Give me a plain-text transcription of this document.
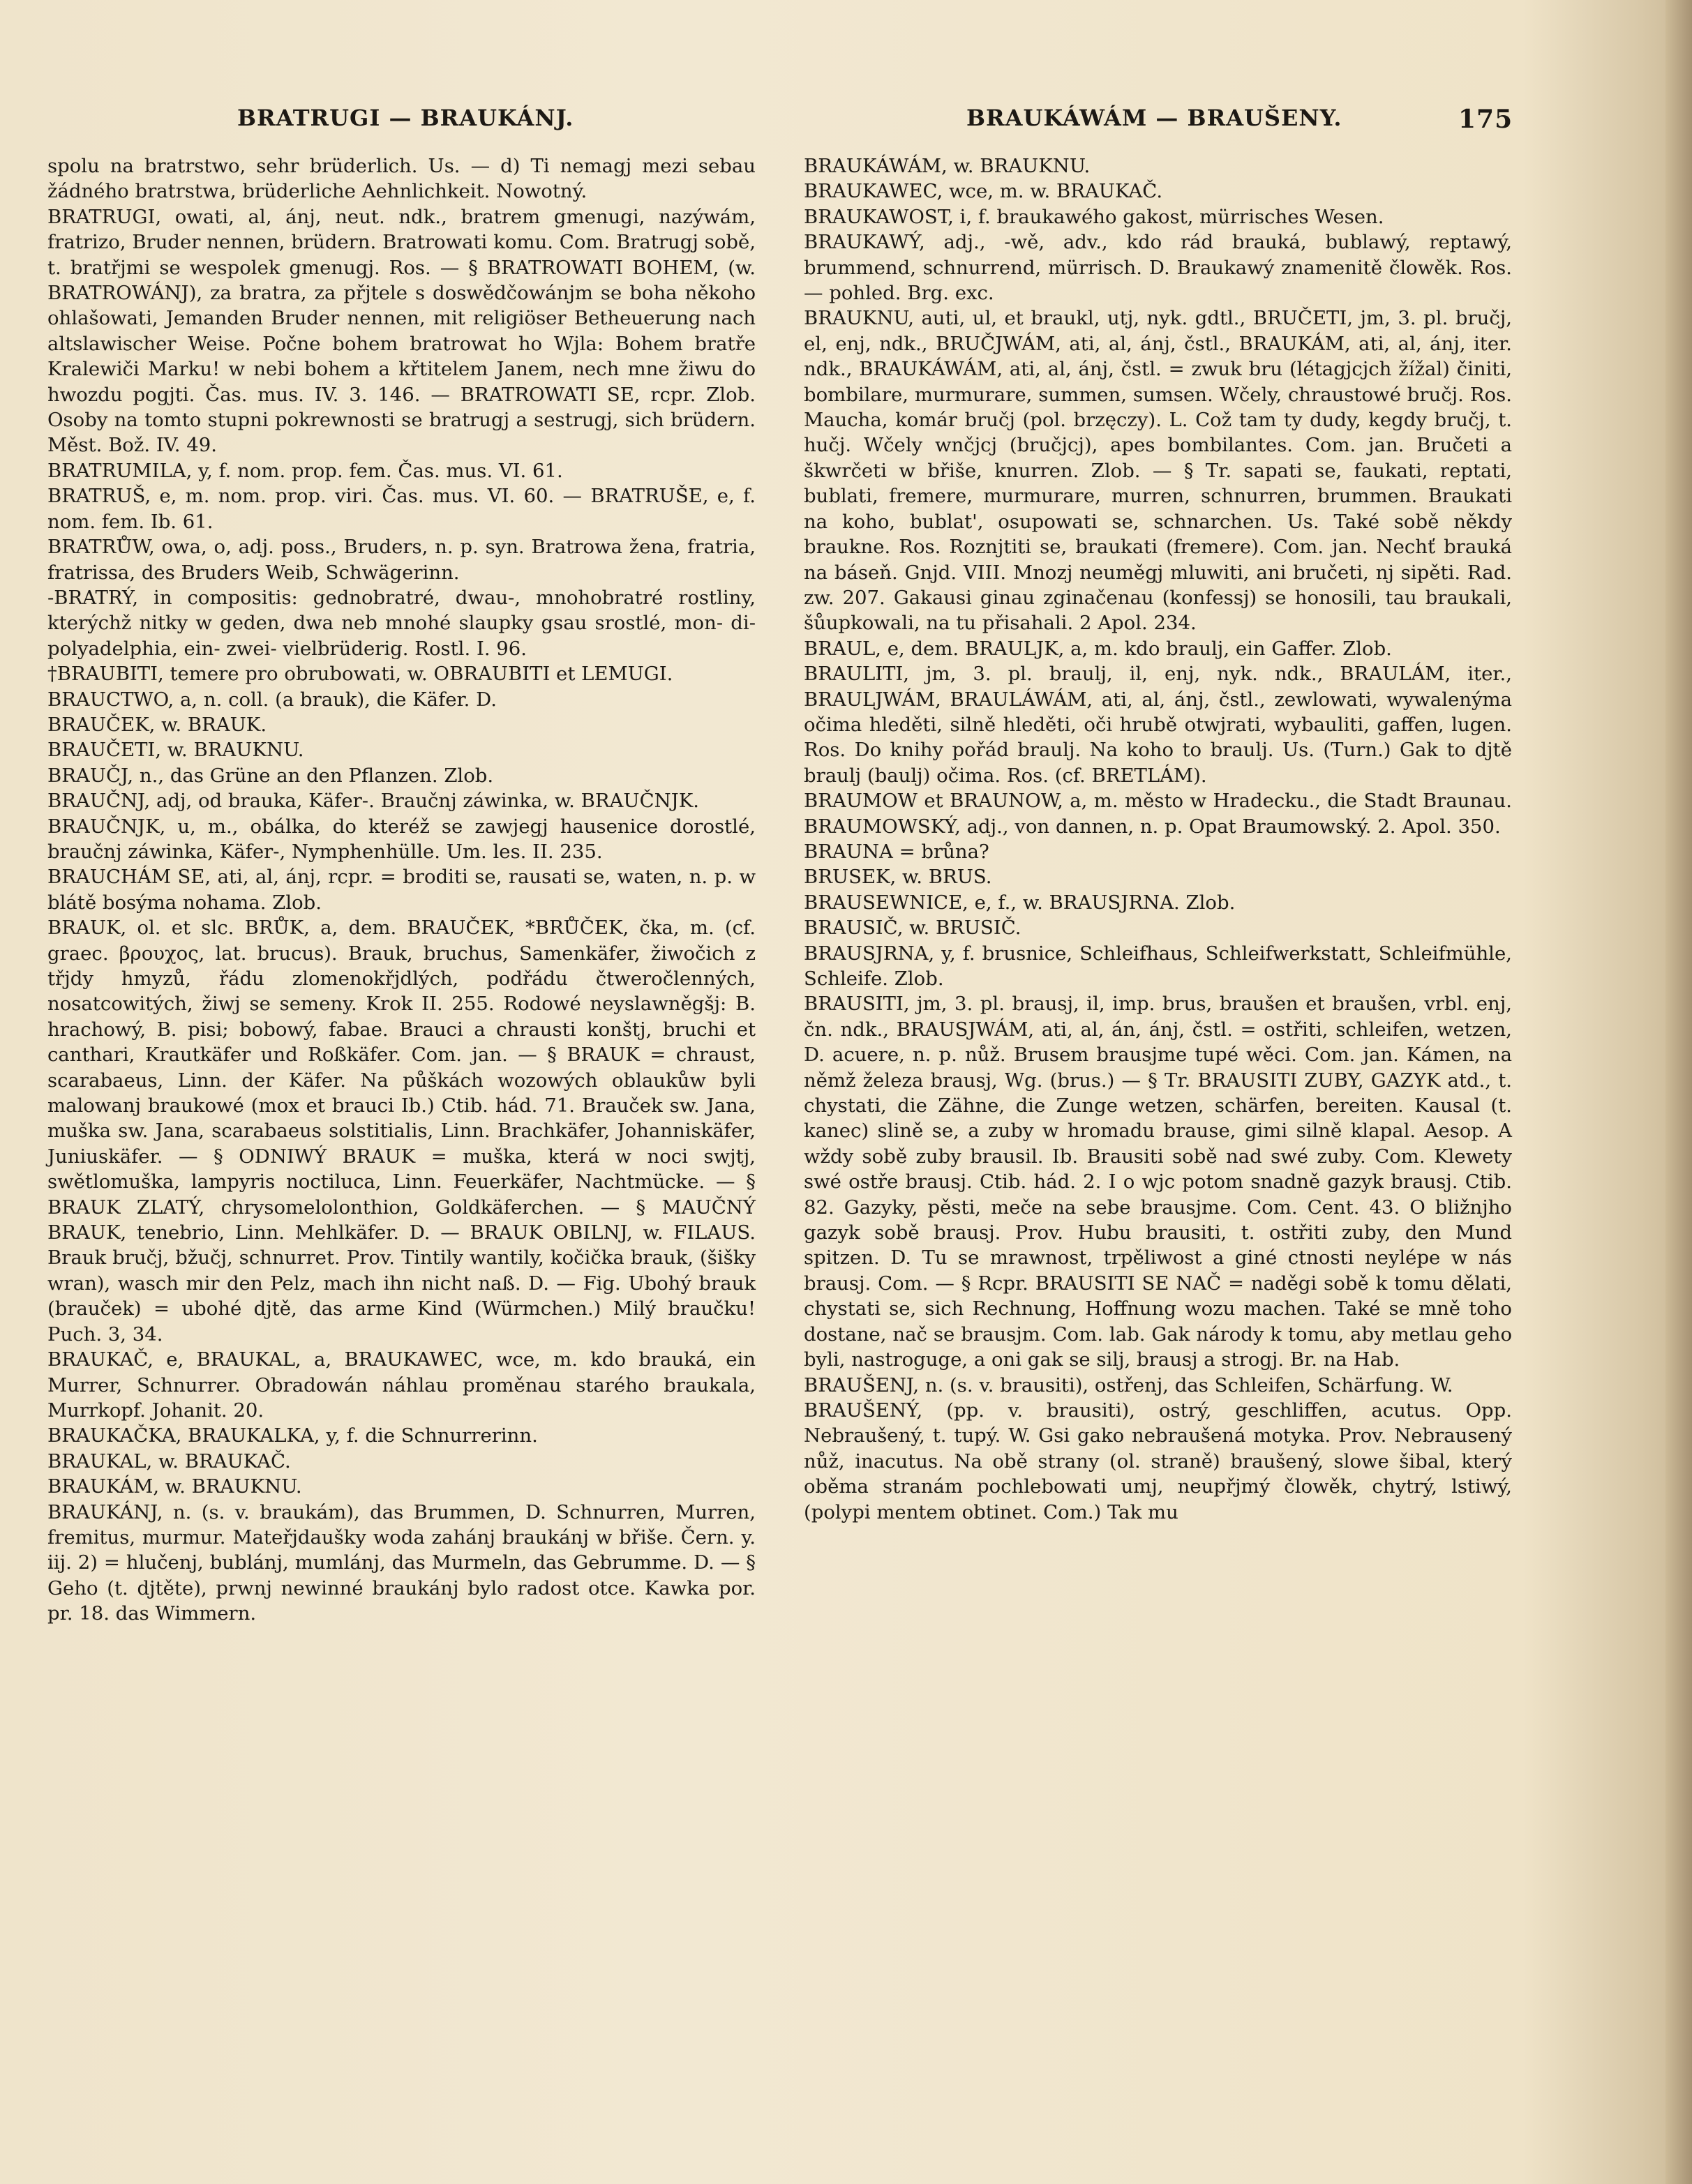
BRATRUGI — BRAUKÁNJ.	BRAUKÁWÁM — BRAUŠENY.	175

spolu na bratrstwo, sehr brüderlich. Us. — d) Ti nemagj mezi sebau žádného bratrstwa, brüderliche Aehnlichkeit. Nowotný.

BRATRUGI, owati, al, ánj, neut. ndk., bratrem gmenugi, nazýwám, fratrizo, Bruder nennen, brüdern. Bratrowati komu. Com. Bratrugj sobě, t. bratřjmi se wespolek gmenugj. Ros. — § BRATROWATI BOHEM, (w. BRATROWÁNJ), za bratra, za přjtele s doswědčowánjm se boha někoho ohlašowati, Jemanden Bruder nennen, mit religiöser Betheuerung nach altslawischer Weise. Počne bohem bratrowat ho Wjla: Bohem bratře Kralewiči Marku! w nebi bohem a křtitelem Janem, nech mne žiwu do hwozdu pogjti. Čas. mus. IV. 3. 146. — BRATROWATI SE, rcpr. Zlob. Osoby na tomto stupni pokrewnosti se bratrugj a sestrugj, sich brüdern. Měst. Bož. IV. 49.

BRATRUMILA, y, f. nom. prop. fem. Čas. mus. VI. 61.

BRATRUŠ, e, m. nom. prop. viri. Čas. mus. VI. 60. — BRATRUŠE, e, f. nom. fem. Ib. 61.

BRATRŮW, owa, o, adj. poss., Bruders, n. p. syn. Bratrowa žena, fratria, fratrissa, des Bruders Weib, Schwägerinn.

-BRATRÝ, in compositis: gednobratré, dwau-, mnohobratré rostliny, kterýchž nitky w geden, dwa neb mnohé slaupky gsau srostlé, mon- di- polyadelphia, ein- zwei- vielbrüderig. Rostl. I. 96.

†BRAUBITI, temere pro obrubowati, w. OBRAUBITI et LEMUGI.

BRAUCTWO, a, n. coll. (a brauk), die Käfer. D.

BRAUČEK, w. BRAUK.

BRAUČETI, w. BRAUKNU.

BRAUČJ, n., das Grüne an den Pflanzen. Zlob.

BRAUČNJ, adj, od brauka, Käfer-. Braučnj záwinka, w. BRAUČNJK.

BRAUČNJK, u, m., obálka, do kteréž se zawjegj hausenice dorostlé, braučnj záwinka, Käfer-, Nymphenhülle. Um. les. II. 235.

BRAUCHÁM SE, ati, al, ánj, rcpr. = broditi se, rausati se, waten, n. p. w blátě bosýma nohama. Zlob.

BRAUK, ol. et slc. BRŮK, a, dem. BRAUČEK, *BRŮČEK, čka, m. (cf. graec. βρουχος, lat. brucus). Brauk, bruchus, Samenkäfer, žiwočich z třjdy hmyzů, řádu zlomenokřjdlých, podřádu čtweročlenných, nosatcowitých, žiwj se semeny. Krok II. 255. Rodowé neyslawněgšj: B. hrachowý, B. pisi; bobowý, fabae. Brauci a chrausti konštj, bruchi et canthari, Krautkäfer und Roßkäfer. Com. jan. — § BRAUK = chraust, scarabaeus, Linn. der Käfer. Na půškách wozowých oblaukůw byli malowanj braukowé (mox et brauci Ib.) Ctib. hád. 71. Brauček sw. Jana, muška sw. Jana, scarabaeus solstitialis, Linn. Brachkäfer, Johanniskäfer, Juniuskäfer. — § ODNIWÝ BRAUK = muška, která w noci swjtj, swětlomuška, lampyris noctiluca, Linn. Feuerkäfer, Nachtmücke. — § BRAUK ZLATÝ, chrysomelolonthion, Goldkäferchen. — § MAUČNÝ BRAUK, tenebrio, Linn. Mehlkäfer. D. — BRAUK OBILNJ, w. FILAUS. Brauk bručj, bžučj, schnurret. Prov. Tintily wantily, kočička brauk, (šišky wran), wasch mir den Pelz, mach ihn nicht naß. D. — Fig. Ubohý brauk (brauček) = ubohé djtě, das arme Kind (Würmchen.) Milý braučku! Puch. 3, 34.

BRAUKAČ, e, BRAUKAL, a, BRAUKAWEC, wce, m. kdo brauká, ein Murrer, Schnurrer. Obradowán náhlau proměnau starého braukala, Murrkopf. Johanit. 20.

BRAUKAČKA, BRAUKALKA, y, f. die Schnurrerinn.

BRAUKAL, w. BRAUKAČ.

BRAUKÁM, w. BRAUKNU.

BRAUKÁNJ, n. (s. v. braukám), das Brummen, D. Schnurren, Murren, fremitus, murmur. Mateřjdaušky woda zahánj braukánj w břiše. Čern. y. iij. 2) = hlučenj, bublánj, mumlánj, das Murmeln, das Gebrumme. D. — § Geho (t. djtěte), prwnj newinné braukánj bylo radost otce. Kawka por. pr. 18. das Wimmern.

BRAUKÁWÁM, w. BRAUKNU.

BRAUKAWEC, wce, m. w. BRAUKAČ.

BRAUKAWOST, i, f. braukawého gakost, mürrisches Wesen.

BRAUKAWÝ, adj., -wě, adv., kdo rád brauká, bublawý, reptawý, brummend, schnurrend, mürrisch. D. Braukawý znamenitě člowěk. Ros. — pohled. Brg. exc.

BRAUKNU, auti, ul, et braukl, utj, nyk. gdtl., BRUČETI, jm, 3. pl. bručj, el, enj, ndk., BRUČJWÁM, ati, al, ánj, čstl., BRAUKÁM, ati, al, ánj, iter. ndk., BRAUKÁWÁM, ati, al, ánj, čstl. = zwuk bru (létagjcjch žížal) činiti, bombilare, murmurare, summen, sumsen. Wčely, chraustowé bručj. Ros. Maucha, komár bručj (pol. brzęczy). L. Což tam ty dudy, kegdy bručj, t. hučj. Wčely wnčjcj (bručjcj), apes bombilantes. Com. jan. Bručeti a škwrčeti w břiše, knurren. Zlob. — § Tr. sapati se, faukati, reptati, bublati, fremere, murmurare, murren, schnurren, brummen. Braukati na koho, bublat', osupowati se, schnarchen. Us. Také sobě někdy braukne. Ros. Roznjtiti se, braukati (fremere). Com. jan. Nechť brauká na báseň. Gnjd. VIII. Mnozj neuměgj mluwiti, ani bručeti, nj sipěti. Rad. zw. 207. Gakausi ginau zginačenau (konfessj) se honosili, tau braukali, šůupkowali, na tu přisahali. 2 Apol. 234.

BRAUL, e, dem. BRAULJK, a, m. kdo braulj, ein Gaffer. Zlob.

BRAULITI, jm, 3. pl. braulj, il, enj, nyk. ndk., BRAULÁM, iter., BRAULJWÁM, BRAULÁWÁM, ati, al, ánj, čstl., zewlowati, wywalenýma očima hleděti, silně hleděti, oči hrubě otwjrati, wybauliti, gaffen, lugen. Ros. Do knihy pořád braulj. Na koho to braulj. Us. (Turn.) Gak to djtě braulj (baulj) očima. Ros. (cf. BRETLÁM).

BRAUMOW et BRAUNOW, a, m. město w Hradecku., die Stadt Braunau. BRAUMOWSKÝ, adj., von dannen, n. p. Opat Braumowský. 2. Apol. 350.

BRAUNA = brůna?

BRUSEK, w. BRUS.

BRAUSEWNICE, e, f., w. BRAUSJRNA. Zlob.

BRAUSIČ, w. BRUSIČ.

BRAUSJRNA, y, f. brusnice, Schleifhaus, Schleifwerkstatt, Schleifmühle, Schleife. Zlob.

BRAUSITI, jm, 3. pl. brausj, il, imp. brus, braušen et braušen, vrbl. enj, čn. ndk., BRAUSJWÁM, ati, al, án, ánj, čstl. = ostřiti, schleifen, wetzen, D. acuere, n. p. nůž. Brusem brausjme tupé wěci. Com. jan. Kámen, na němž železa brausj, Wg. (brus.) — § Tr. BRAUSITI ZUBY, GAZYK atd., t. chystati, die Zähne, die Zunge wetzen, schärfen, bereiten. Kausal (t. kanec) slině se, a zuby w hromadu brause, gimi silně klapal. Aesop. A wždy sobě zuby brausil. Ib. Brausiti sobě nad swé zuby. Com. Klewety swé ostře brausj. Ctib. hád. 2. I o wjc potom snadně gazyk brausj. Ctib. 82. Gazyky, pěsti, meče na sebe brausjme. Com. Cent. 43. O bližnjho gazyk sobě brausj. Prov. Hubu brausiti, t. ostřiti zuby, den Mund spitzen. D. Tu se mrawnost, trpěliwost a giné ctnosti neylépe w nás brausj. Com. — § Rcpr. BRAUSITI SE NAČ = naděgi sobě k tomu dělati, chystati se, sich Rechnung, Hoffnung wozu machen. Také se mně toho dostane, nač se brausjm. Com. lab. Gak národy k tomu, aby metlau geho byli, nastroguge, a oni gak se silj, brausj a strogj. Br. na Hab.

BRAUŠENJ, n. (s. v. brausiti), ostřenj, das Schleifen, Schärfung. W.

BRAUŠENÝ, (pp. v. brausiti), ostrý, geschliffen, acutus. Opp. Nebraušený, t. tupý. W. Gsi gako nebraušená motyka. Prov. Nebrausený nůž, inacutus. Na obě strany (ol. straně) braušený, slowe šibal, který oběma stranám pochlebowati umj, neupřjmý člowěk, chytrý, lstiwý, (polypi mentem obtinet. Com.) Tak mu
